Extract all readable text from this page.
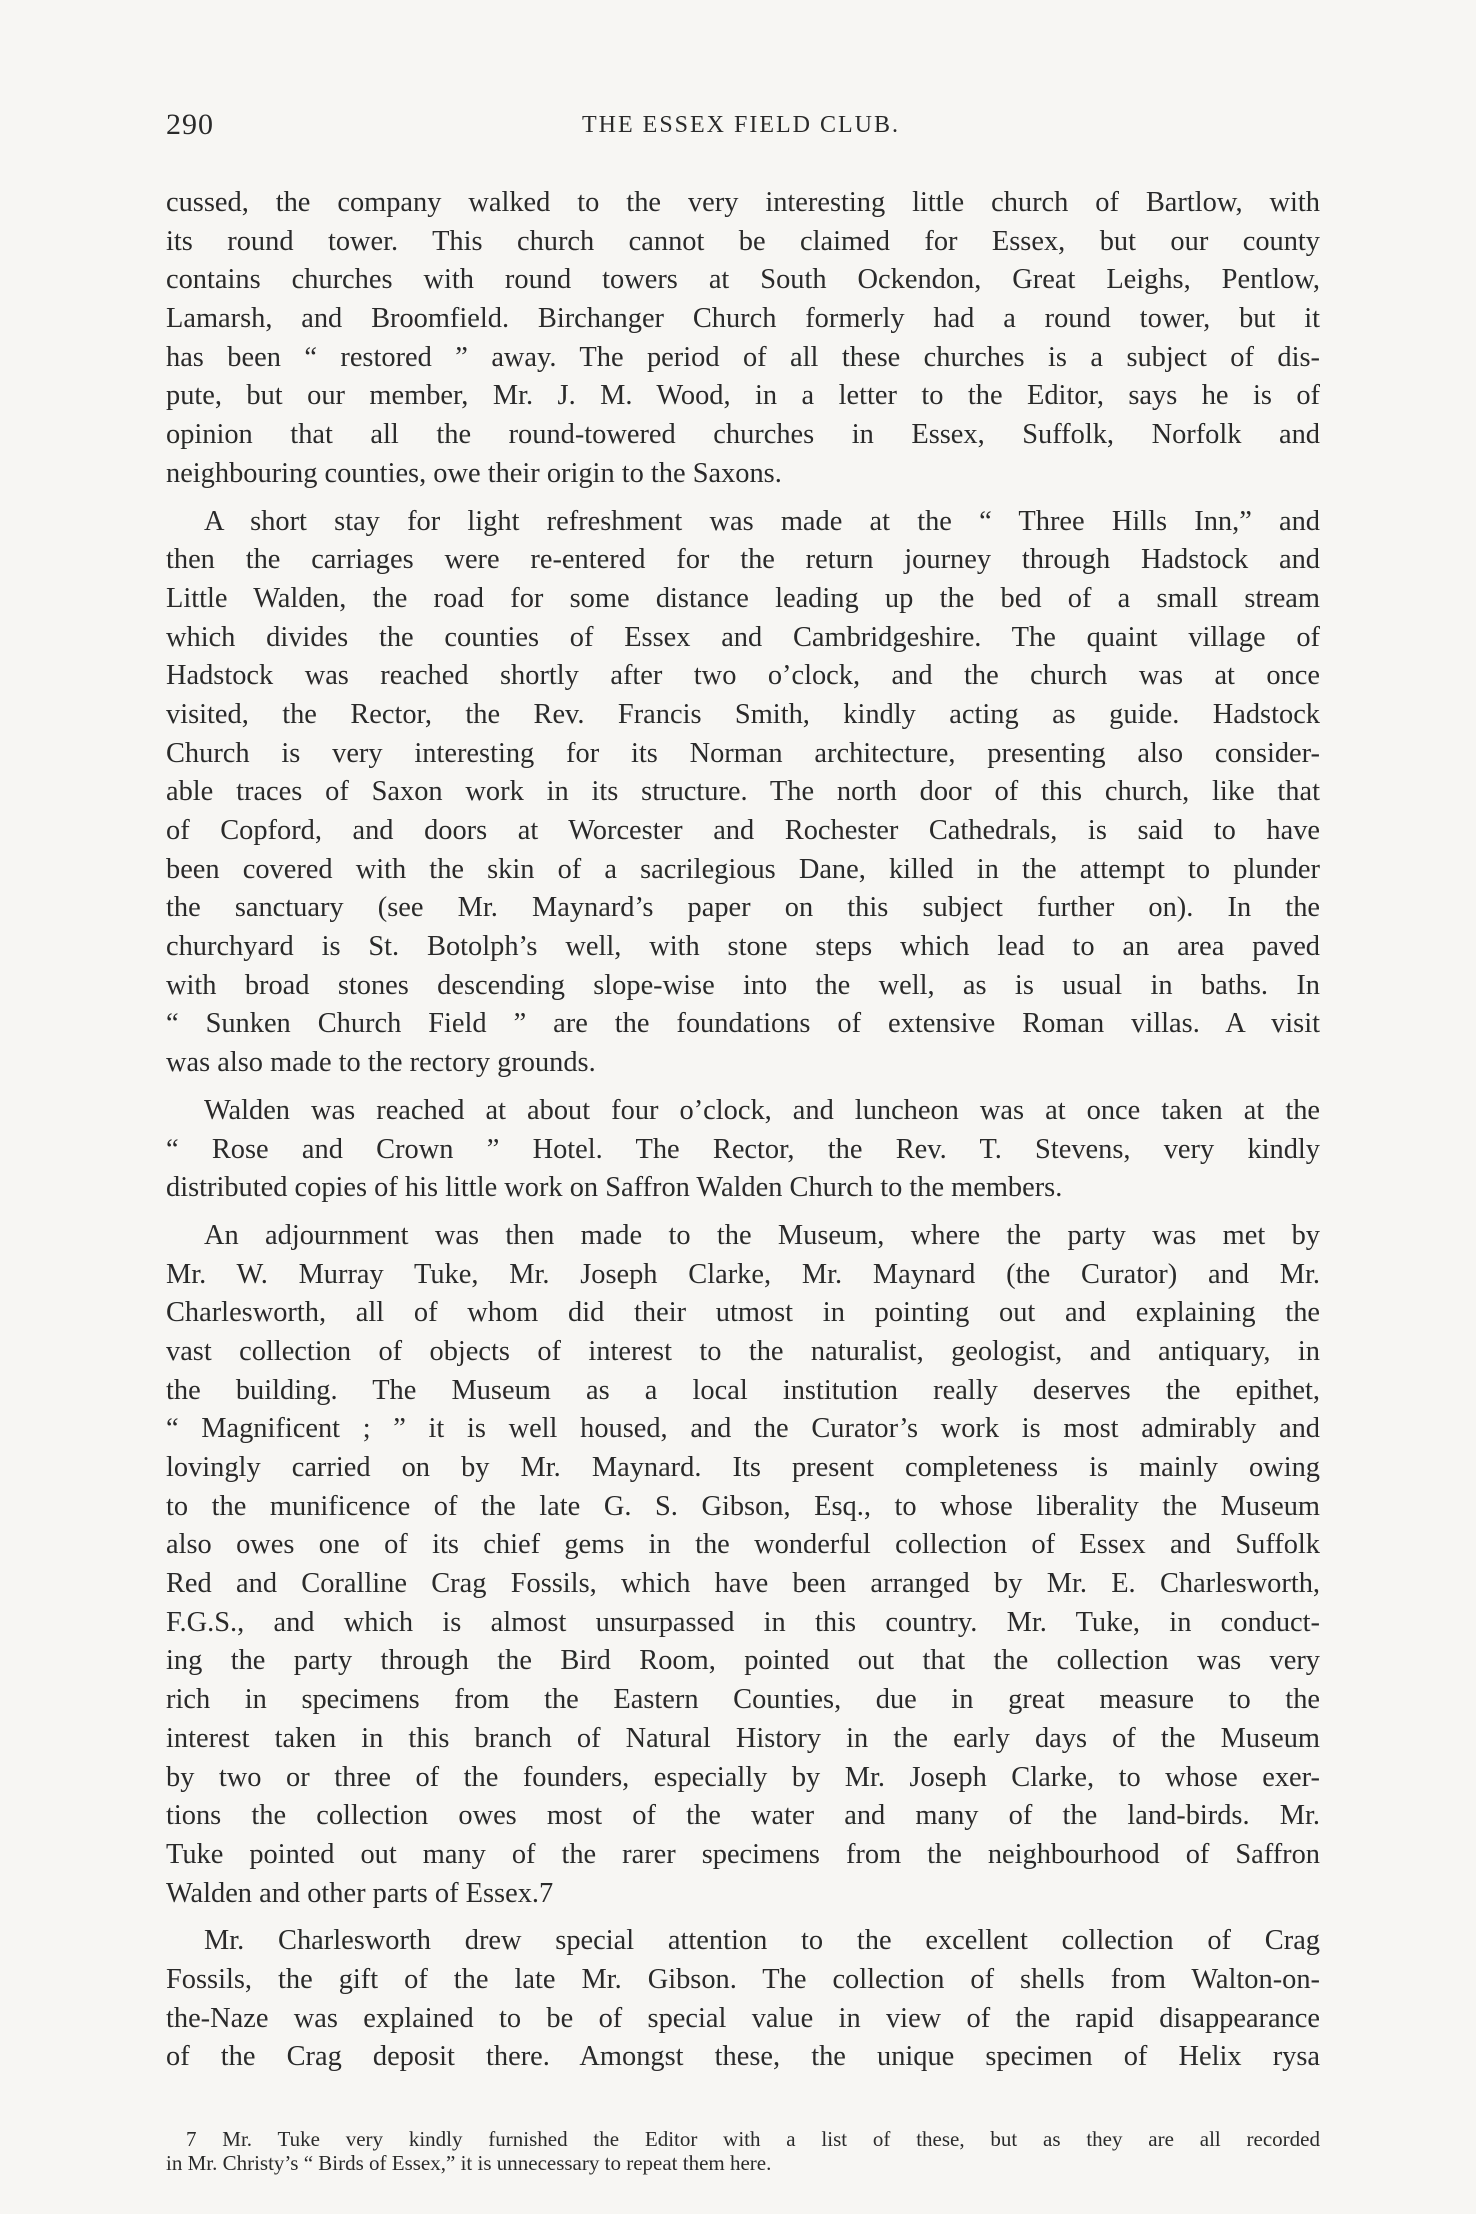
290	THE ESSEX FIELD CLUB.
cussed, the company walked to the very interesting little church of Bartlow, with
its round tower. This church cannot be claimed for Essex, but our county
contains churches with round towers at South Ockendon, Great Leighs, Pentlow,
Lamarsh, and Broomfield. Birchanger Church formerly had a round tower, but it
has been “ restored ” away. The period of all these churches is a subject of dis-
pute, but our member, Mr. J. M. Wood, in a letter to the Editor, says he is of
opinion that all the round-towered churches in Essex, Suffolk, Norfolk and
neighbouring counties, owe their origin to the Saxons.
A short stay for light refreshment was made at the “ Three Hills Inn,” and
then the carriages were re-entered for the return journey through Hadstock and
Little Walden, the road for some distance leading up the bed of a small stream
which divides the counties of Essex and Cambridgeshire. The quaint village of
Hadstock was reached shortly after two o’clock, and the church was at once
visited, the Rector, the Rev. Francis Smith, kindly acting as guide. Hadstock
Church is very interesting for its Norman architecture, presenting also consider-
able traces of Saxon work in its structure. The north door of this church, like that
of Copford, and doors at Worcester and Rochester Cathedrals, is said to have
been covered with the skin of a sacrilegious Dane, killed in the attempt to plunder
the sanctuary (see Mr. Maynard’s paper on this subject further on). In the
churchyard is St. Botolph’s well, with stone steps which lead to an area paved
with broad stones descending slope-wise into the well, as is usual in baths. In
“ Sunken Church Field ” are the foundations of extensive Roman villas. A visit
was also made to the rectory grounds.
Walden was reached at about four o’clock, and luncheon was at once taken at the
“ Rose and Crown ” Hotel. The Rector, the Rev. T. Stevens, very kindly
distributed copies of his little work on Saffron Walden Church to the members.
An adjournment was then made to the Museum, where the party was met by
Mr. W. Murray Tuke, Mr. Joseph Clarke, Mr. Maynard (the Curator) and Mr.
Charlesworth, all of whom did their utmost in pointing out and explaining the
vast collection of objects of interest to the naturalist, geologist, and antiquary, in
the building. The Museum as a local institution really deserves the epithet,
“ Magnificent ; ” it is well housed, and the Curator’s work is most admirably and
lovingly carried on by Mr. Maynard. Its present completeness is mainly owing
to the munificence of the late G. S. Gibson, Esq., to whose liberality the Museum
also owes one of its chief gems in the wonderful collection of Essex and Suffolk
Red and Coralline Crag Fossils, which have been arranged by Mr. E. Charlesworth,
F.G.S., and which is almost unsurpassed in this country. Mr. Tuke, in conduct-
ing the party through the Bird Room, pointed out that the collection was very
rich in specimens from the Eastern Counties, due in great measure to the
interest taken in this branch of Natural History in the early days of the Museum
by two or three of the founders, especially by Mr. Joseph Clarke, to whose exer-
tions the collection owes most of the water and many of the land-birds. Mr.
Tuke pointed out many of the rarer specimens from the neighbourhood of Saffron
Walden and other parts of Essex.7
Mr. Charlesworth drew special attention to the excellent collection of Crag
Fossils, the gift of the late Mr. Gibson. The collection of shells from Walton-on-
the-Naze was explained to be of special value in view of the rapid disappearance
of the Crag deposit there. Amongst these, the unique specimen of Helix rysa
7 Mr. Tuke very kindly furnished the Editor with a list of these, but as they are all recorded
in Mr. Christy’s “ Birds of Essex,” it is unnecessary to repeat them here.
